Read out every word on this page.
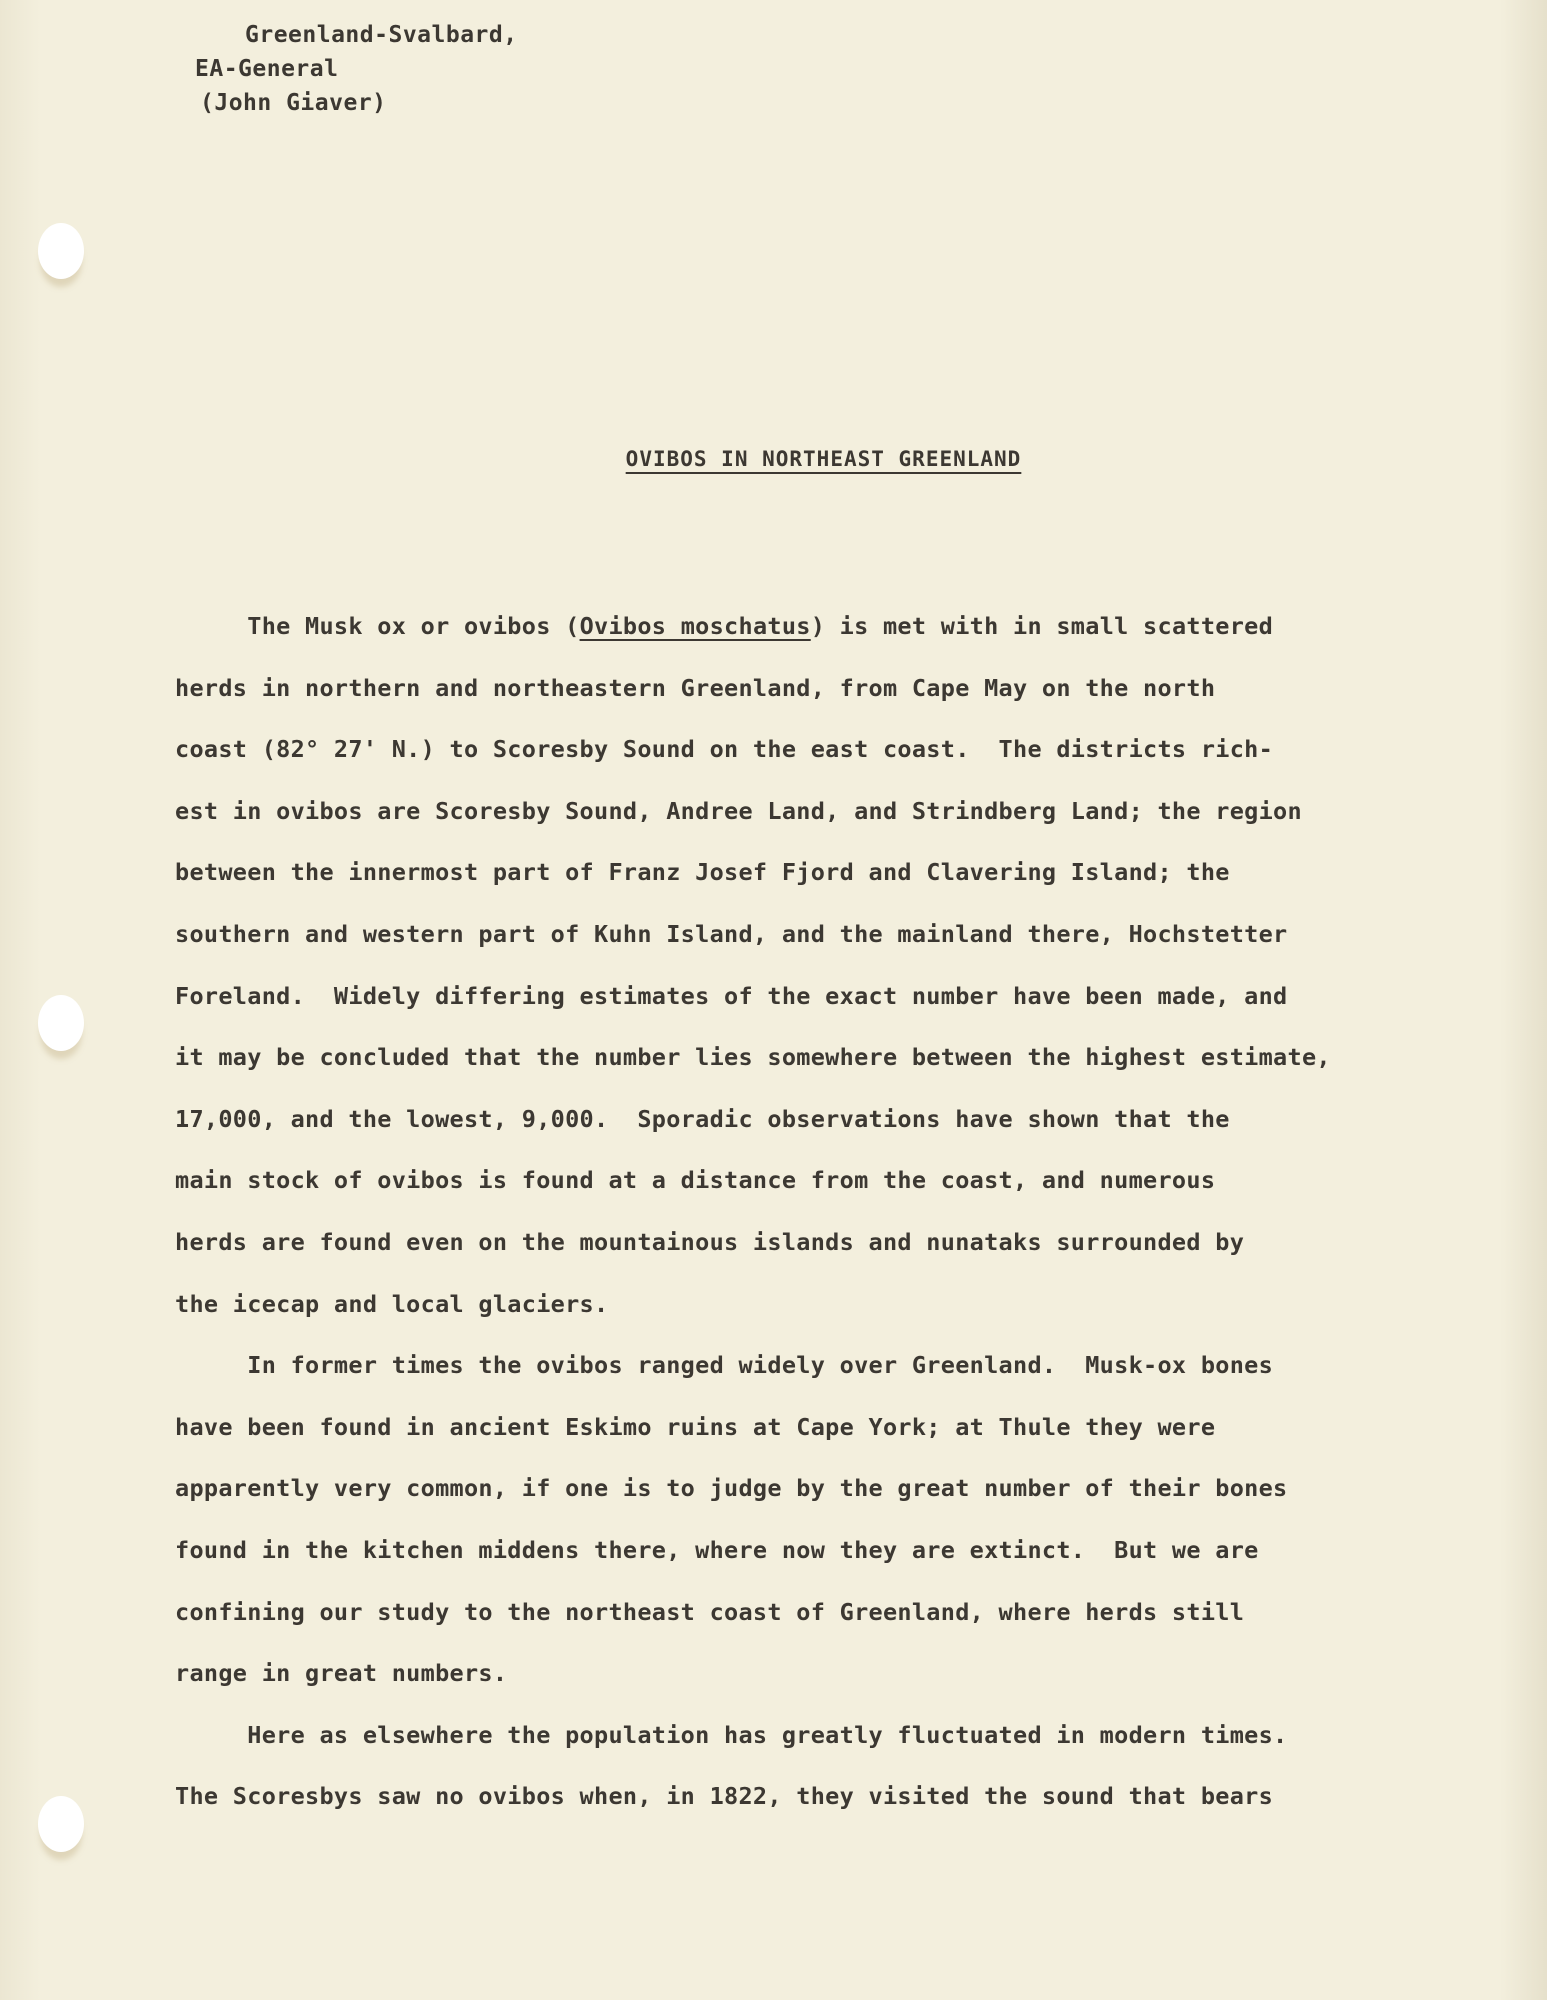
Greenland-Svalbard,
EA-General
(John Giaver)
OVIBOS IN NORTHEAST GREENLAND
The Musk ox or ovibos (Ovibos moschatus) is met with in small scattered
herds in northern and northeastern Greenland, from Cape May on the north
coast (82° 27' N.) to Scoresby Sound on the east coast.  The districts rich-
est in ovibos are Scoresby Sound, Andree Land, and Strindberg Land; the region
between the innermost part of Franz Josef Fjord and Clavering Island; the
southern and western part of Kuhn Island, and the mainland there, Hochstetter
Foreland.  Widely differing estimates of the exact number have been made, and
it may be concluded that the number lies somewhere between the highest estimate,
17,000, and the lowest, 9,000.  Sporadic observations have shown that the
main stock of ovibos is found at a distance from the coast, and numerous
herds are found even on the mountainous islands and nunataks surrounded by
the icecap and local glaciers.
In former times the ovibos ranged widely over Greenland.  Musk-ox bones
have been found in ancient Eskimo ruins at Cape York; at Thule they were
apparently very common, if one is to judge by the great number of their bones
found in the kitchen middens there, where now they are extinct.  But we are
confining our study to the northeast coast of Greenland, where herds still
range in great numbers.
Here as elsewhere the population has greatly fluctuated in modern times.
The Scoresbys saw no ovibos when, in 1822, they visited the sound that bears
